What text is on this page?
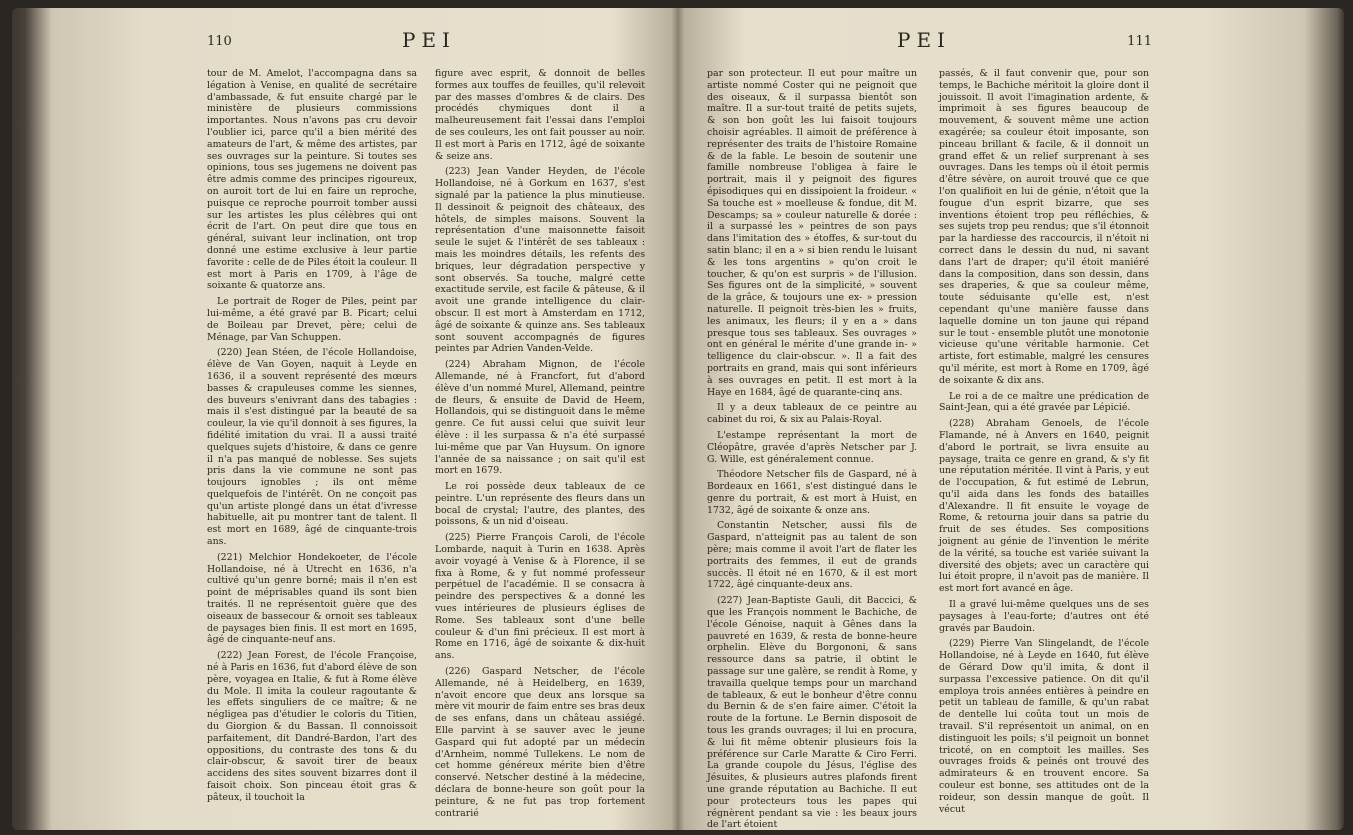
110	PEI

tour de M. Amelot, l'accompagna dans sa légation à Venise, en qualité de secrétaire d'ambassade, & fut ensuite chargé par le ministère de plusieurs commissions importantes. Nous n'avons pas cru devoir l'oublier ici, parce qu'il a bien mérité des amateurs de l'art, & même des artistes, par ses ouvrages sur la peinture. Si toutes ses opinions, tous ses jugemens ne doivent pas être admis comme des principes rigoureux, on auroit tort de lui en faire un reproche, puisque ce reproche pourroit tomber aussi sur les artistes les plus célèbres qui ont écrit de l'art. On peut dire que tous en général, suivant leur inclination, ont trop donné une estime exclusive à leur partie favorite : celle de de Piles étoit la couleur. Il est mort à Paris en 1709, à l'âge de soixante & quatorze ans.

Le portrait de Roger de Piles, peint par lui-même, a été gravé par B. Picart; celui de Boileau par Drevet, père; celui de Ménage, par Van Schuppen.

(220) Jean Stéen, de l'école Hollandoise, élève de Van Goyen, naquit à Leyde en 1636, il a souvent représenté des mœurs basses & crapuleuses comme les siennes, des buveurs s'enivrant dans des tabagies : mais il s'est distingué par la beauté de sa couleur, la vie qu'il donnoit à ses figures, la fidélité imitation du vrai. Il a aussi traité quelques sujets d'histoire, & dans ce genre il n'a pas manqué de noblesse. Ses sujets pris dans la vie commune ne sont pas toujours ignobles ; ils ont même quelquefois de l'intérêt. On ne conçoit pas qu'un artiste plongé dans un état d'ivresse habituelle, ait pu montrer tant de talent. Il est mort en 1689, âgé de cinquante-trois ans.

(221) Melchior Hondekoeter, de l'école Hollandoise, né à Utrecht en 1636, n'a cultivé qu'un genre borné; mais il n'en est point de méprisables quand ils sont bien traités. Il ne représentoit guère que des oiseaux de bassecour & ornoit ses tableaux de paysages bien finis. Il est mort en 1695, âgé de cinquante-neuf ans.

(222) Jean Forest, de l'école Françoise, né à Paris en 1636, fut d'abord élève de son père, voyagea en Italie, & fut à Rome élève du Mole. Il imita la couleur ragoutante & les effets singuliers de ce maître; & ne négligea pas d'étudier le coloris du Titien, du Giorgion & du Bassan. Il connoissoit parfaitement, dit Dandré-Bardon, l'art des oppositions, du contraste des tons & du clair-obscur, & savoit tirer de beaux accidens des sites souvent bizarres dont il faisoit choix. Son pinceau étoit gras & pâteux, il touchoit la

figure avec esprit, & donnoit de belles formes aux touffes de feuilles, qu'il relevoit par des masses d'ombres & de clairs. Des procédés chymiques dont il a malheureusement fait l'essai dans l'emploi de ses couleurs, les ont fait pousser au noir. Il est mort à Paris en 1712, âgé de soixante & seize ans.

(223) Jean Vander Heyden, de l'école Hollandoise, né à Gorkum en 1637, s'est signalé par la patience la plus minutieuse. Il dessinoit & peignoit des châteaux, des hôtels, de simples maisons. Souvent la représentation d'une maisonnette faisoit seule le sujet & l'intérêt de ses tableaux : mais les moindres détails, les refents des briques, leur dégradation perspective y sont observés. Sa touche, malgré cette exactitude servile, est facile & pâteuse, & il avoit une grande intelligence du clair-obscur. Il est mort à Amsterdam en 1712, âgé de soixante & quinze ans. Ses tableaux sont souvent accompagnés de figures peintes par Adrien Vanden-Velde.

(224) Abraham Mignon, de l'école Allemande, né à Francfort, fut d'abord élève d'un nommé Murel, Allemand, peintre de fleurs, & ensuite de David de Heem, Hollandois, qui se distinguoit dans le même genre. Ce fut aussi celui que suivit leur élève : il les surpassa & n'a été surpassé lui-même que par Van Huysum. On ignore l'année de sa naissance ; on sait qu'il est mort en 1679.

Le roi possède deux tableaux de ce peintre. L'un représente des fleurs dans un bocal de crystal; l'autre, des plantes, des poissons, & un nid d'oiseau.

(225) Pierre François Caroli, de l'école Lombarde, naquit à Turin en 1638. Après avoir voyagé à Venise & à Florence, il se fixa à Rome, & y fut nommé professeur perpétuel de l'académie. Il se consacra à peindre des perspectives & a donné les vues intérieures de plusieurs églises de Rome. Ses tableaux sont d'une belle couleur & d'un fini précieux. Il est mort à Rome en 1716, âgé de soixante & dix-huit ans.

(226) Gaspard Netscher, de l'école Allemande, né à Heidelberg, en 1639, n'avoit encore que deux ans lorsque sa mère vit mourir de faim entre ses bras deux de ses enfans, dans un château assiégé. Elle parvint à se sauver avec le jeune Gaspard qui fut adopté par un médecin d'Arnheim, nommé Tullekens. Le nom de cet homme généreux mérite bien d'être conservé. Netscher destiné à la médecine, déclara de bonne-heure son goût pour la peinture, & ne fut pas trop fortement contrarié

PEI	111

par son protecteur. Il eut pour maître un artiste nommé Coster qui ne peignoit que des oiseaux, & il surpassa bientôt son maître. Il a sur-tout traité de petits sujets, & son bon goût les lui faisoit toujours choisir agréables. Il aimoit de préférence à représenter des traits de l'histoire Romaine & de la fable. Le besoin de soutenir une famille nombreuse l'obligea à faire le portrait, mais il y peignoit des figures épisodiques qui en dissipoient la froideur. « Sa touche est » moelleuse & fondue, dit M. Descamps; sa » couleur naturelle & dorée : il a surpassé les » peintres de son pays dans l'imitation des » étoffes, & sur-tout du satin blanc; il en a » si bien rendu le luisant & les tons argentins » qu'on croit le toucher, & qu'on est surpris » de l'illusion. Ses figures ont de la simplicité, » souvent de la grâce, & toujours une ex- » pression naturelle. Il peignoit très-bien les » fruits, les animaux, les fleurs; il y en a » dans presque tous ses tableaux. Ses ouvrages » ont en général le mérite d'une grande in- » telligence du clair-obscur. ». Il a fait des portraits en grand, mais qui sont inférieurs à ses ouvrages en petit. Il est mort à la Haye en 1684, âgé de quarante-cinq ans.

Il y a deux tableaux de ce peintre au cabinet du roi, & six au Palais-Royal.

L'estampe représentant la mort de Cléopâtre, gravée d'après Netscher par J. G. Wille, est généralement connue.

Théodore Netscher fils de Gaspard, né à Bordeaux en 1661, s'est distingué dans le genre du portrait, & est mort à Huist, en 1732, âgé de soixante & onze ans.

Constantin Netscher, aussi fils de Gaspard, n'atteignit pas au talent de son père; mais comme il avoit l'art de flater les portraits des femmes, il eut de grands succès. Il étoit né en 1670, & il est mort 1722, âgé cinquante-deux ans.

(227) Jean-Baptiste Gauli, dit Baccici, & que les François nomment le Bachiche, de l'école Génoise, naquit à Gênes dans la pauvreté en 1639, & resta de bonne-heure orphelin. Elève du Borgononi, & sans ressource dans sa patrie, il obtint le passage sur une galère, se rendit à Rome, y travailla quelque temps pour un marchand de tableaux, & eut le bonheur d'être connu du Bernin & de s'en faire aimer. C'étoit la route de la fortune. Le Bernin disposoit de tous les grands ouvrages; il lui en procura, & lui fit même obtenir plusieurs fois la préférence sur Carle Maratte & Ciro Ferri. La grande coupole du Jésus, l'église des Jésuites, & plusieurs autres plafonds firent une grande réputation au Bachiche. Il eut pour protecteurs tous les papes qui régnèrent pendant sa vie : les beaux jours de l'art étoient

passés, & il faut convenir que, pour son temps, le Bachiche méritoit la gloire dont il jouissoit. Il avoit l'imagination ardente, & imprimoit à ses figures beaucoup de mouvement, & souvent même une action exagérée; sa couleur étoit imposante, son pinceau brillant & facile, & il donnoit un grand effet & un relief surprenant à ses ouvrages. Dans les temps où il étoit permis d'être sévère, on auroit trouvé que ce que l'on qualifioit en lui de génie, n'étoit que la fougue d'un esprit bizarre, que ses inventions étoient trop peu réfléchies, & ses sujets trop peu rendus; que s'il étonnoit par la hardiesse des raccourcis, il n'étoit ni correct dans le dessin du nud, ni savant dans l'art de draper; qu'il étoit maniéré dans la composition, dans son dessin, dans ses draperies, & que sa couleur même, toute séduisante qu'elle est, n'est cependant qu'une manière fausse dans laquelle domine un ton jaune qui répand sur le tout - ensemble plutôt une monotonie vicieuse qu'une véritable harmonie. Cet artiste, fort estimable, malgré les censures qu'il mérite, est mort à Rome en 1709, âgé de soixante & dix ans.

Le roi a de ce maître une prédication de Saint-Jean, qui a été gravée par Lépicié.

(228) Abraham Genoels, de l'école Flamande, né à Anvers en 1640, peignit d'abord le portrait, se livra ensuite au paysage, traita ce genre en grand, & s'y fit une réputation méritée. Il vint à Paris, y eut de l'occupation, & fut estimé de Lebrun, qu'il aida dans les fonds des batailles d'Alexandre. Il fit ensuite le voyage de Rome, & retourna jouir dans sa patrie du fruit de ses études. Ses compositions joignent au génie de l'invention le mérite de la vérité, sa touche est variée suivant la diversité des objets; avec un caractère qui lui étoit propre, il n'avoit pas de manière. Il est mort fort avancé en âge.

Il a gravé lui-même quelques uns de ses paysages à l'eau-forte; d'autres ont été gravés par Baudoin.

(229) Pierre Van Slingelandt, de l'école Hollandoise, né à Leyde en 1640, fut élève de Gérard Dow qu'il imita, & dont il surpassa l'excessive patience. On dit qu'il employa trois années entières à peindre en petit un tableau de famille, & qu'un rabat de dentelle lui coûta tout un mois de travail. S'il représentoit un animal, on en distinguoit les poils; s'il peignoit un bonnet tricoté, on en comptoit les mailles. Ses ouvrages froids & peinés ont trouvé des admirateurs & en trouvent encore. Sa couleur est bonne, ses attitudes ont de la roideur, son dessin manque de goût. Il vécut
